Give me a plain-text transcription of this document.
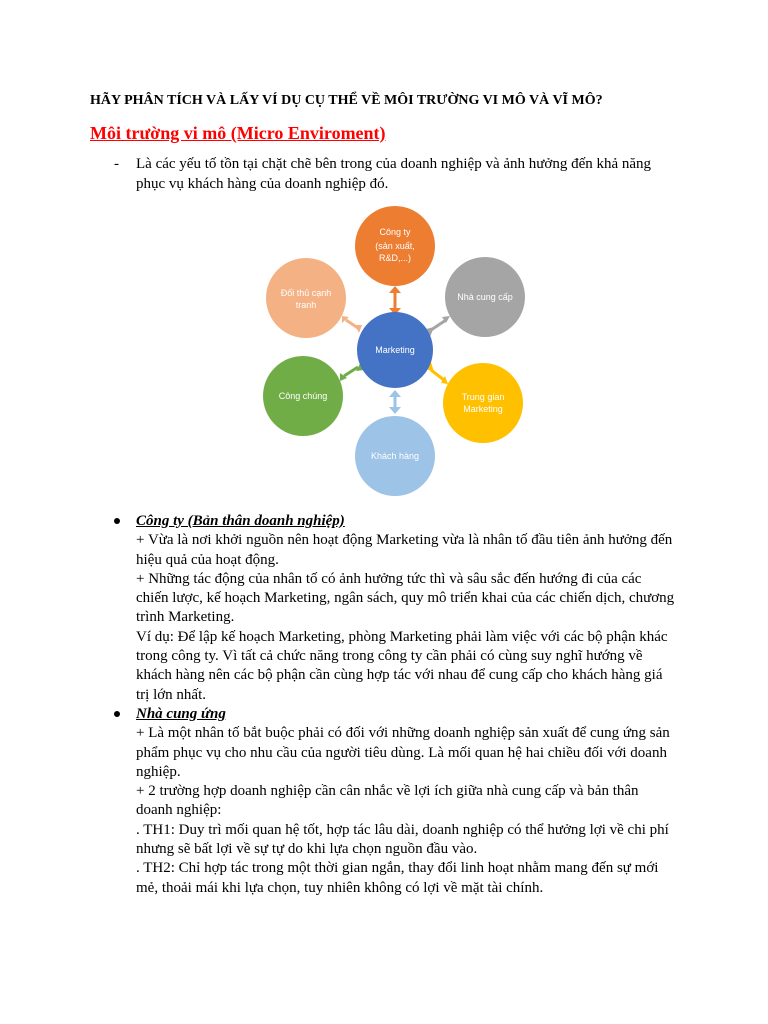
HÃY PHÂN TÍCH VÀ LẤY VÍ DỤ CỤ THỂ VỀ MÔI TRƯỜNG VI MÔ VÀ VĨ MÔ?
Môi trường vi mô (Micro Enviroment)
- Là các yếu tố tồn tại chặt chẽ bên trong của doanh nghiệp và ảnh hưởng đến khả năng phục vụ khách hàng của doanh nghiệp đó.
Công ty
(sản xuất,
R&D,...)
Nhà cung cấp
Trung gian
Marketing
Khách hàng
Công chúng
Đối thủ cạnh
tranh
Marketing
Công ty (Bản thân doanh nghiệp)
+ Vừa là nơi khởi nguồn nên hoạt động Marketing vừa là nhân tố đầu tiên ảnh hưởng đến hiệu quả của hoạt động.
+ Những tác động của nhân tố có ảnh hưởng tức thì và sâu sắc đến hướng đi của các chiến lược, kế hoạch Marketing, ngân sách, quy mô triển khai của các chiến dịch, chương trình Marketing.
Ví dụ: Để lập kế hoạch Marketing, phòng Marketing phải làm việc với các bộ phận khác trong công ty. Vì tất cả chức năng trong công ty cần phải có cùng suy nghĩ hướng về khách hàng nên các bộ phận cần cùng hợp tác với nhau để cung cấp cho khách hàng giá trị lớn nhất.
Nhà cung ứng
+ Là một nhân tố bắt buộc phải có đối với những doanh nghiệp sản xuất để cung ứng sản phẩm phục vụ cho nhu cầu của người tiêu dùng. Là mối quan hệ hai chiều đối với doanh nghiệp.
+ 2 trường hợp doanh nghiệp cần cân nhắc về lợi ích giữa nhà cung cấp và bản thân doanh nghiệp:
. TH1: Duy trì mối quan hệ tốt, hợp tác lâu dài, doanh nghiệp có thể hưởng lợi về chi phí nhưng sẽ bất lợi về sự tự do khi lựa chọn nguồn đầu vào.
. TH2: Chỉ hợp tác trong một thời gian ngắn, thay đổi linh hoạt nhằm mang đến sự mới mẻ, thoải mái khi lựa chọn, tuy nhiên không có lợi về mặt tài chính.
